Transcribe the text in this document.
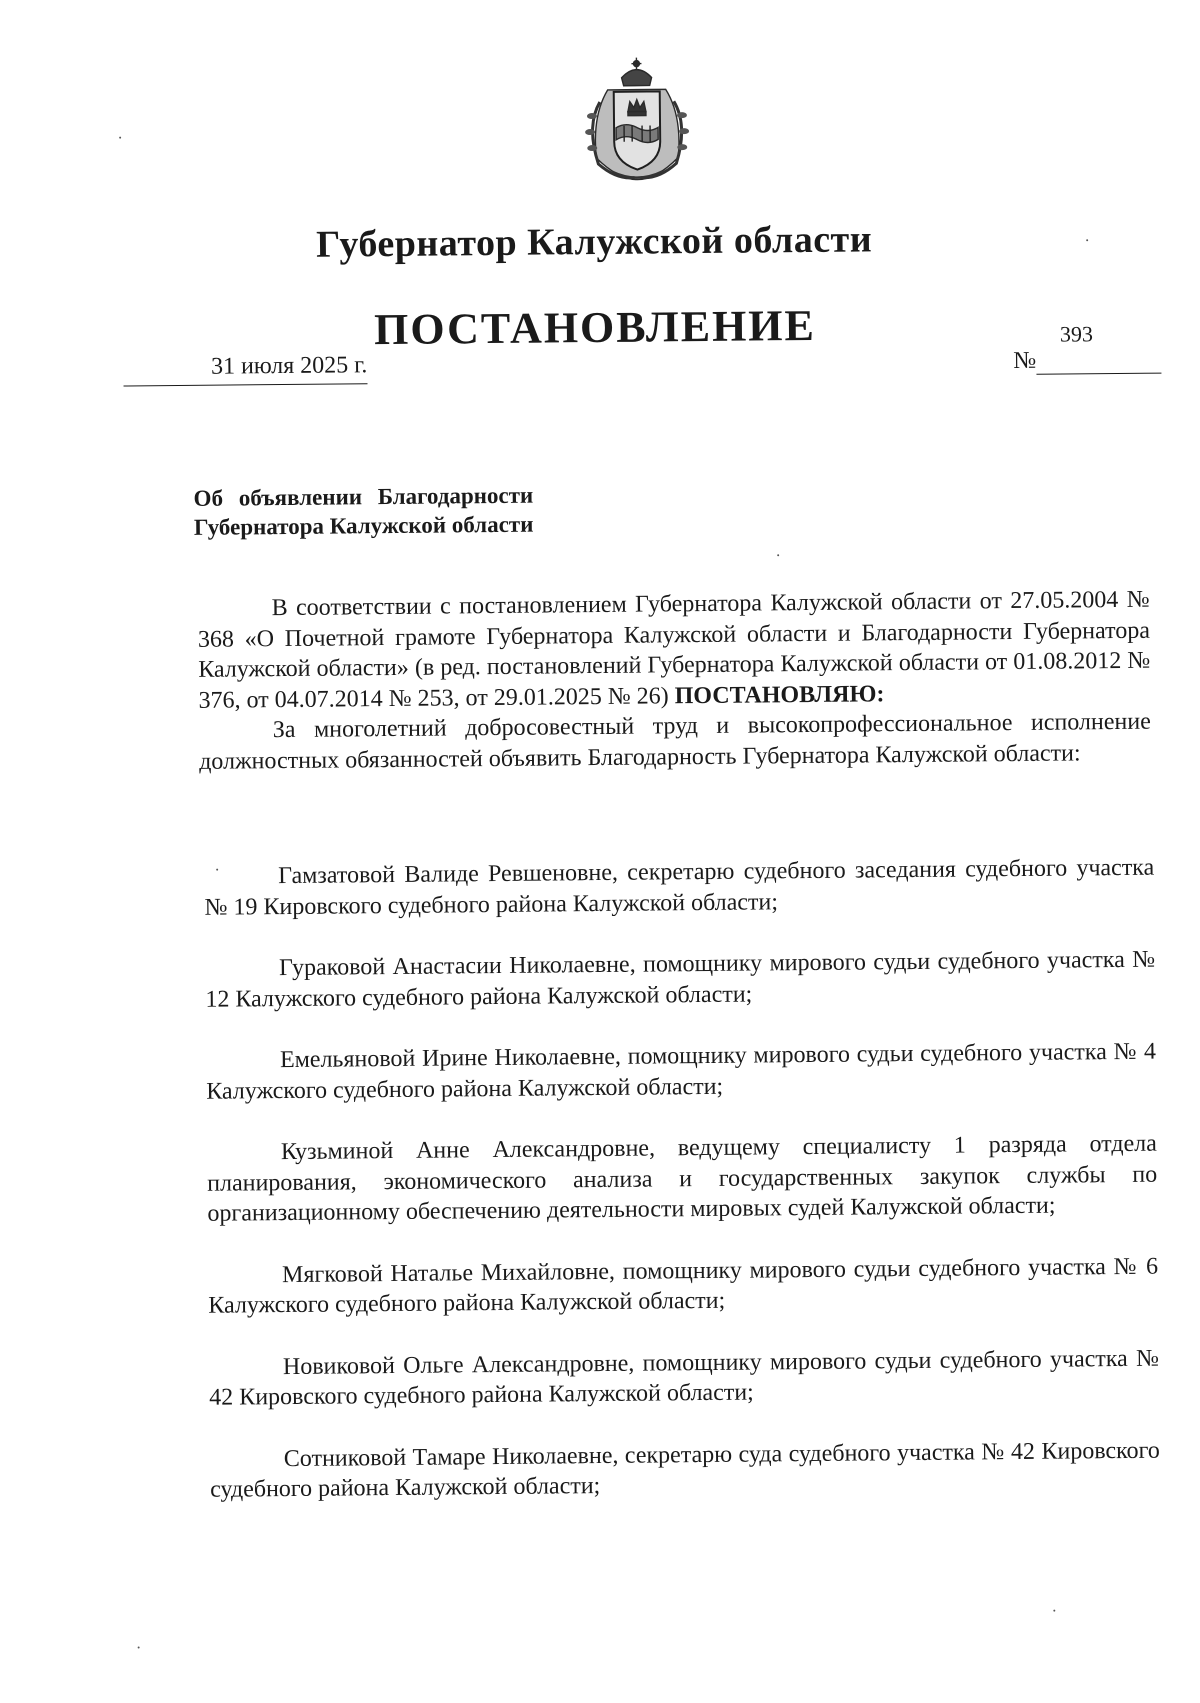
Губернатор Калужской области
ПОСТАНОВЛЕНИЕ
31 июля 2025 г.	№
393
Об объявлении Благодарности
Губернатора Калужской области

В соответствии с постановлением Губернатора Калужской области от 27.05.2004 № 368 «О Почетной грамоте Губернатора Калужской области и Благодарности Губернатора Калужской области» (в ред. постановлений Губернатора Калужской области от 01.08.2012 № 376, от 04.07.2014 № 253, от 29.01.2025 № 26) ПОСТАНОВЛЯЮ:

За многолетний добросовестный труд и высокопрофессиональное исполнение должностных обязанностей объявить Благодарность Губернатора Калужской области:

Гамзатовой Валиде Ревшеновне, секретарю судебного заседания судебного участка № 19 Кировского судебного района Калужской области;

Гураковой Анастасии Николаевне, помощнику мирового судьи судебного участка № 12 Калужского судебного района Калужской области;

Емельяновой Ирине Николаевне, помощнику мирового судьи судебного участка № 4 Калужского судебного района Калужской области;

Кузьминой Анне Александровне, ведущему специалисту 1 разряда отдела планирования, экономического анализа и государственных закупок службы по организационному обеспечению деятельности мировых судей Калужской области;

Мягковой Наталье Михайловне, помощнику мирового судьи судебного участка № 6 Калужского судебного района Калужской области;

Новиковой Ольге Александровне, помощнику мирового судьи судебного участка № 42 Кировского судебного района Калужской области;

Сотниковой Тамаре Николаевне, секретарю суда судебного участка № 42 Кировского судебного района Калужской области;
